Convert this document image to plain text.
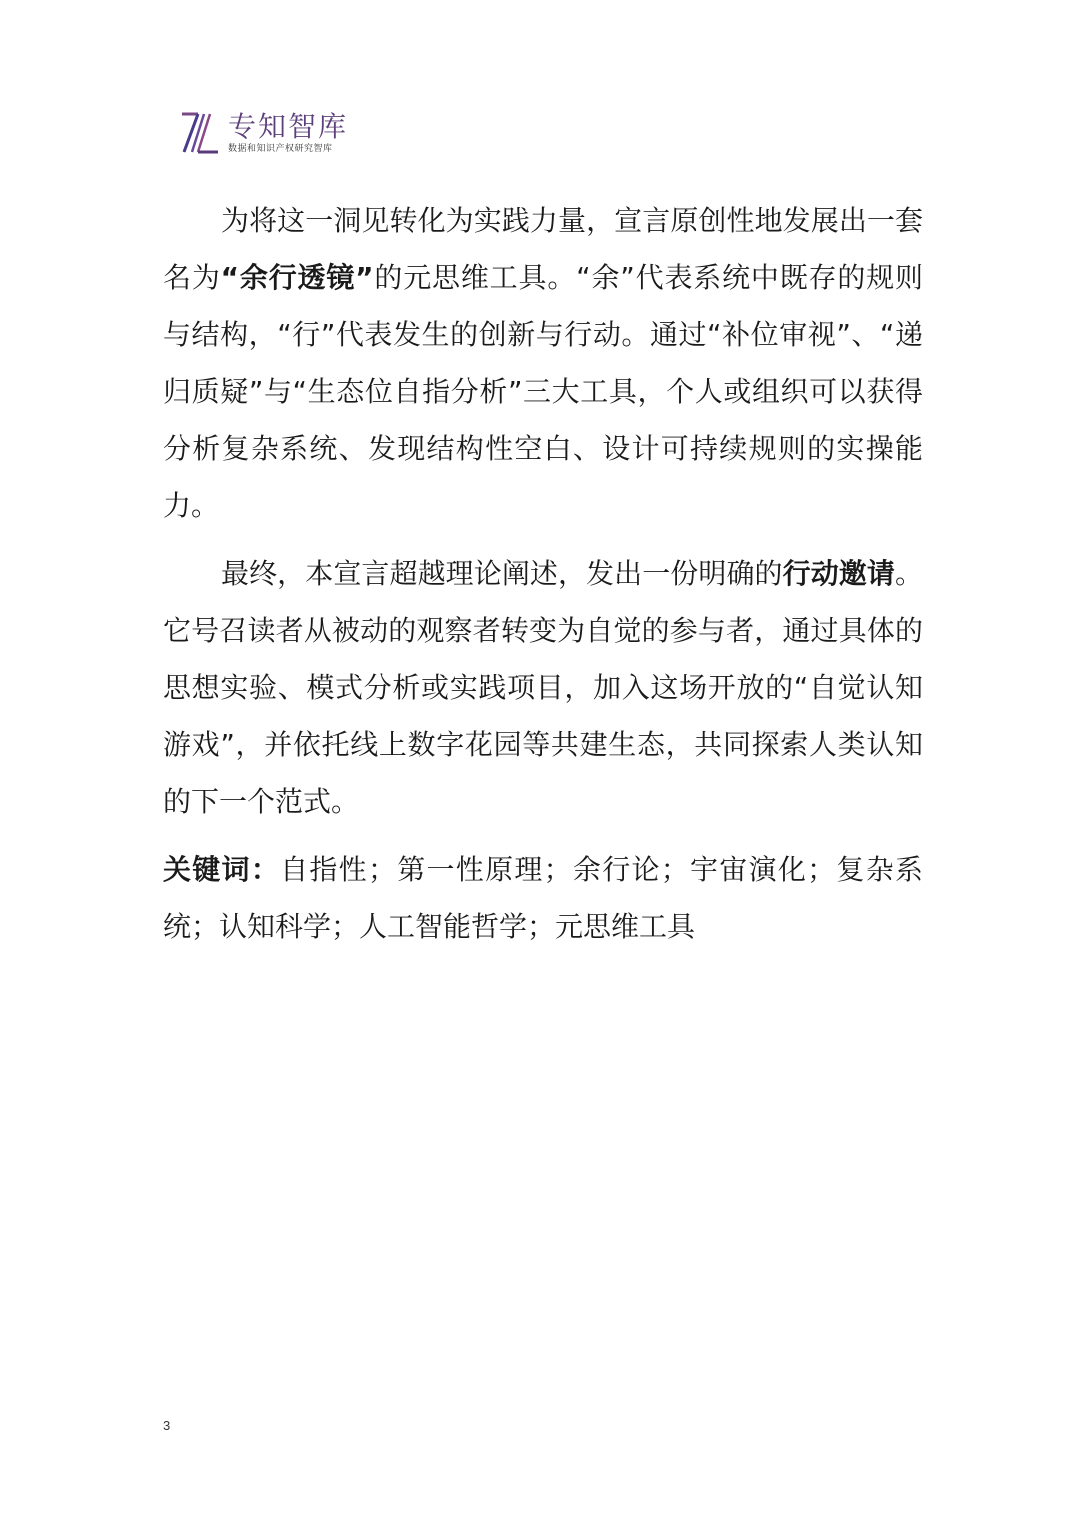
专知智库
数据和知识产权研究智库

为将这一洞见转化为实践力量，宣言原创性地发展出一套名为“余行透镜”的元思维工具。“余”代表系统中既存的规则与结构，“行”代表发生的创新与行动。通过“补位审视”、“递归质疑”与“生态位自指分析”三大工具，个人或组织可以获得分析复杂系统、发现结构性空白、设计可持续规则的实操能力。

最终，本宣言超越理论阐述，发出一份明确的行动邀请。它号召读者从被动的观察者转变为自觉的参与者，通过具体的思想实验、模式分析或实践项目，加入这场开放的“自觉认知游戏”，并依托线上数字花园等共建生态，共同探索人类认知的下一个范式。

关键词：自指性；第一性原理；余行论；宇宙演化；复杂系统；认知科学；人工智能哲学；元思维工具

3
